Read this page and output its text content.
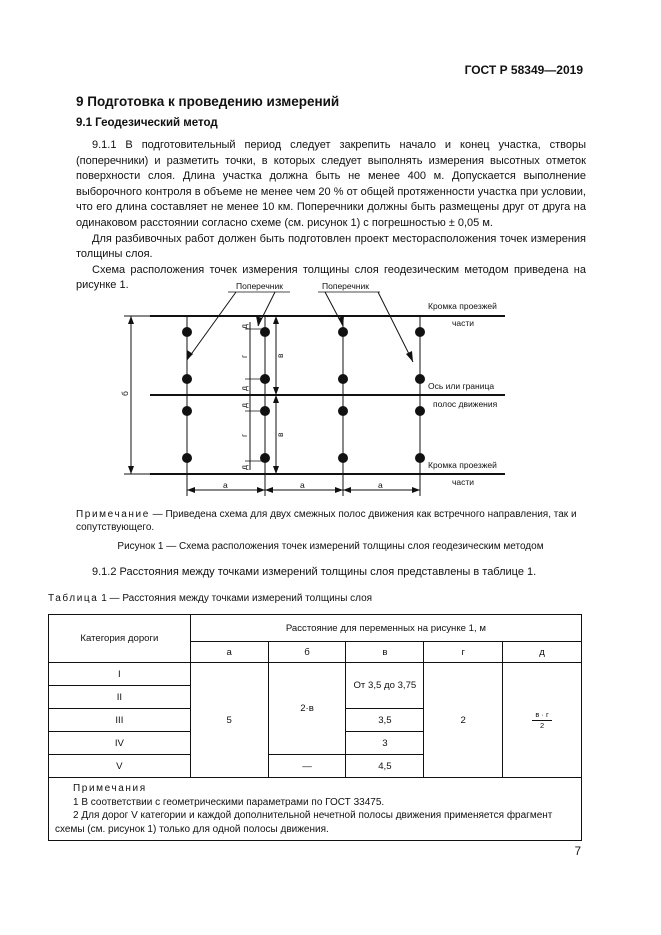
ГОСТ Р 58349—2019
9 Подготовка к проведению измерений
9.1 Геодезический метод

9.1.1 В подготовительный период следует закрепить начало и конец участка, створы (поперечники) и разметить точки, в которых следует выполнять измерения высотных отметок поверхности слоя. Длина участка должна быть не менее 400 м. Допускается выполнение выборочного контроля в объеме не менее чем 20 % от общей протяженности участка при условии, что его длина составляет не менее 10 км. Поперечники должны быть размещены друг от друга на одинаковом расстоянии согласно схеме (см. рисунок 1) с погрешностью ± 0,05 м.

Для разбивочных работ должен быть подготовлен проект месторасположения точек измерения толщины слоя.

Схема расположения точек измерения толщины слоя геодезическим методом приведена на рисунке 1.	Поперечник	Поперечник
Кромка проезжей
части
Ось или граница
полос движения
Кромка проезжей
части
а	а	а
б
в
в
г
г
д
д
д
д
Примечание — Приведена схема для двух смежных полос движения как встречного направления, так и сопутствующего.
Рисунок 1 — Схема расположения точек измерений толщины слоя геодезическим методом

9.1.2 Расстояния между точками измерений толщины слоя представлены в таблице 1.

Таблица 1 — Расстояния между точками измерений толщины слоя
Категория дороги	Расстояние для переменных на рисунке 1, м				
	а	б	в	г	д
I	5	2·в	От 3,5 до 3,75	2	$\frac{в \cdot г}{2}$

II					
III			3,5		
IV			3		
V		—	4,5		

Примечания
1 В соответствии с геометрическими параметрами по ГОСТ 33475.
2 Для дорог V категории и каждой дополнительной нечетной полосы движения применяется фрагмент схемы (см. рисунок 1) только для одной полосы движения.					
7
